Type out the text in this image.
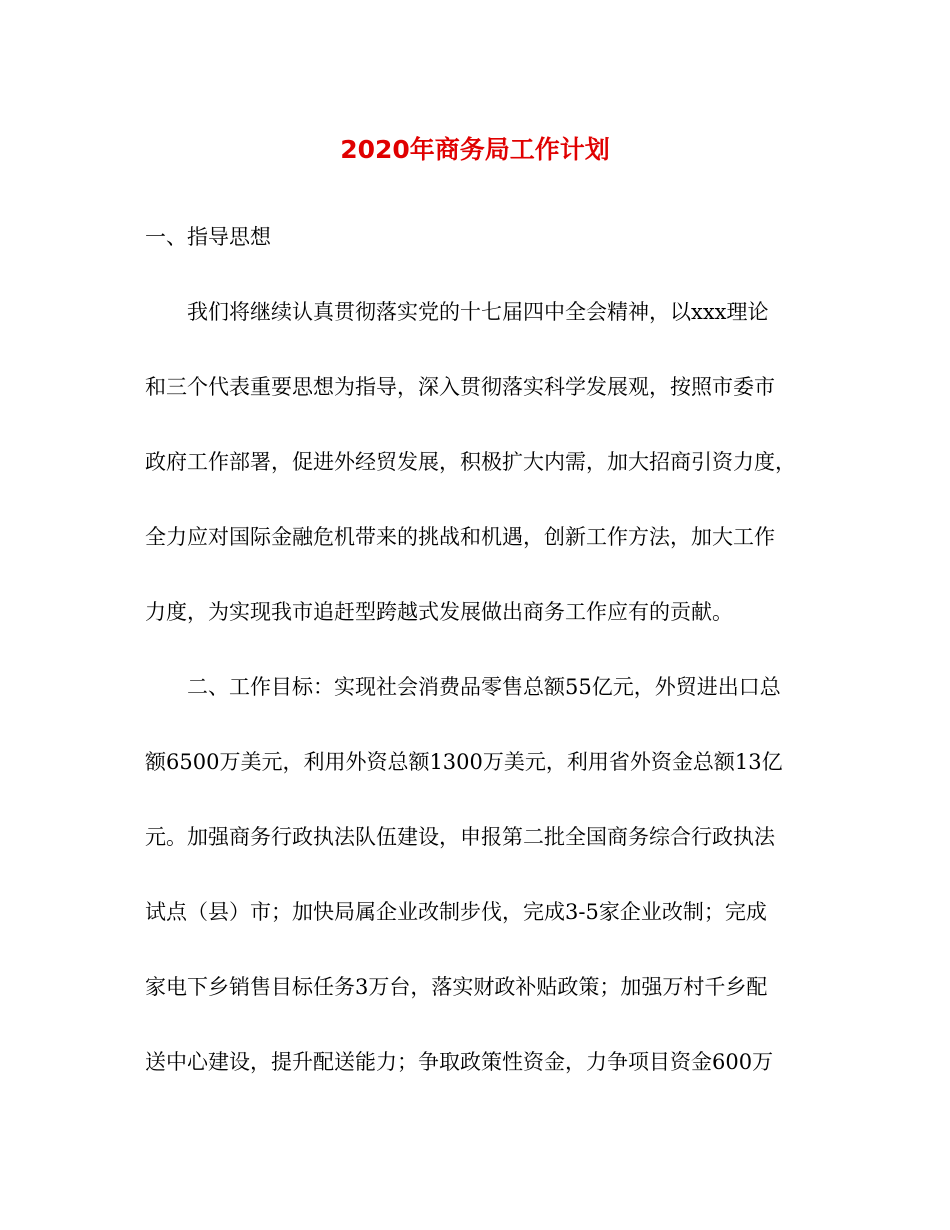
2020年商务局工作计划
一、指导思想
我们将继续认真贯彻落实党的十七届四中全会精神，以xxx理论
和三个代表重要思想为指导，深入贯彻落实科学发展观，按照市委市
政府工作部署，促进外经贸发展，积极扩大内需，加大招商引资力度，
全力应对国际金融危机带来的挑战和机遇，创新工作方法，加大工作
力度，为实现我市追赶型跨越式发展做出商务工作应有的贡献。
二、工作目标：实现社会消费品零售总额55亿元，外贸进出口总
额6500万美元，利用外资总额1300万美元，利用省外资金总额13亿
元。加强商务行政执法队伍建设，申报第二批全国商务综合行政执法
试点（县）市；加快局属企业改制步伐，完成3-5家企业改制；完成
家电下乡销售目标任务3万台，落实财政补贴政策；加强万村千乡配
送中心建设，提升配送能力；争取政策性资金，力争项目资金600万
